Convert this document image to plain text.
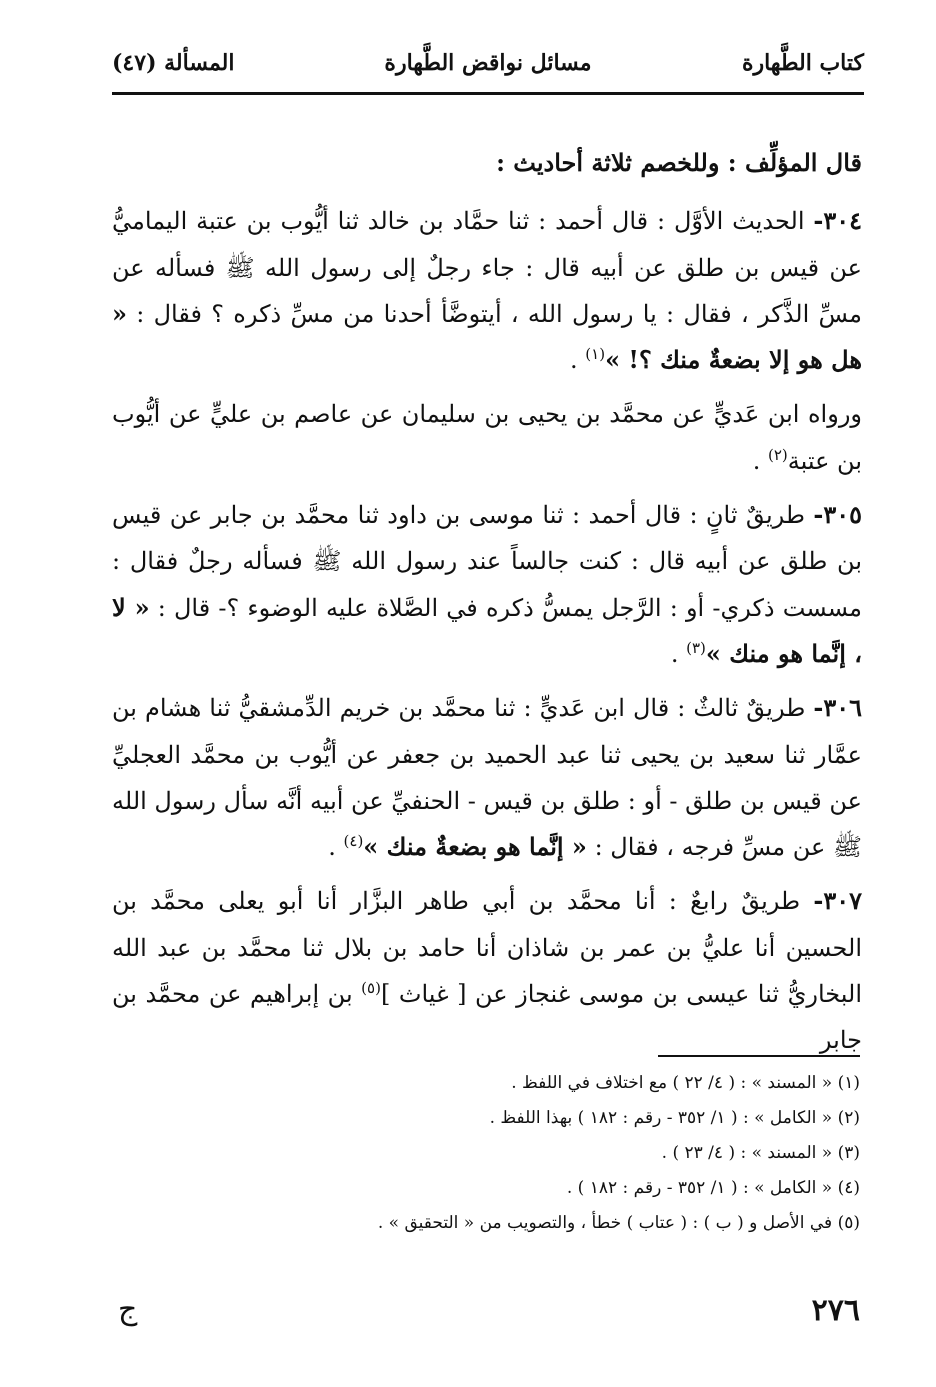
كتاب الطَّهارة
مسائل نواقض الطَّهارة
المسألة (٤٧)

قال المؤلِّف : وللخصم ثلاثة أحاديث :

٣٠٤- الحديث الأوَّل : قال أحمد : ثنا حمَّاد بن خالد ثنا أيُّوب بن عتبة اليماميُّ عن قيس بن طلق عن أبيه قال : جاء رجلٌ إلى رسول الله ﷺ فسأله عن مسِّ الذَّكر ، فقال : يا رسول الله ، أيتوضَّأ أحدنا من مسِّ ذكره ؟ فقال : « هل هو إلا بضعةٌ منك ؟! »$^{(١)}$ .

ورواه ابن عَديٍّ عن محمَّد بن يحيى بن سليمان عن عاصم بن عليٍّ عن أيُّوب بن عتبة$^{(٢)}$ .

٣٠٥- طريقٌ ثانٍ : قال أحمد : ثنا موسى بن داود ثنا محمَّد بن جابر عن قيس بن طلق عن أبيه قال : كنت جالساً عند رسول الله ﷺ فسأله رجلٌ فقال : مسست ذكري- أو : الرَّجل يمسُّ ذكره في الصَّلاة عليه الوضوء ؟- قال : « لا ، إنَّما هو منك »$^{(٣)}$ .

٣٠٦- طريقٌ ثالثٌ : قال ابن عَديٍّ : ثنا محمَّد بن خريم الدِّمشقيُّ ثنا هشام بن عمَّار ثنا سعيد بن يحيى ثنا عبد الحميد بن جعفر عن أيُّوب بن محمَّد العجليِّ عن قيس بن طلق - أو : طلق بن قيس - الحنفيِّ عن أبيه أنَّه سأل رسول الله ﷺ عن مسِّ فرجه ، فقال : « إنَّما هو بضعةٌ منك »$^{(٤)}$ .

٣٠٧- طريقٌ رابعٌ : أنا محمَّد بن أبي طاهر البزَّار أنا أبو يعلى محمَّد بن الحسين أنا عليُّ بن عمر بن شاذان أنا حامد بن بلال ثنا محمَّد بن عبد الله البخاريُّ ثنا عيسى بن موسى غنجاز عن [ غياث ]$^{(٥)}$ بن إبراهيم عن محمَّد بن جابر

(١) « المسند » : ( ٤/ ٢٢ ) مع اختلاف في اللفظ .
(٢) « الكامل » : ( ١/ ٣٥٢ - رقم : ١٨٢ ) بهذا اللفظ .
(٣) « المسند » : ( ٤/ ٢٣ ) .
(٤) « الكامل » : ( ١/ ٣٥٢ - رقم : ١٨٢ ) .
(٥) في الأصل و ( ب ) : ( عتاب ) خطأ ، والتصويب من « التحقيق » .
٢٧٦
ج
